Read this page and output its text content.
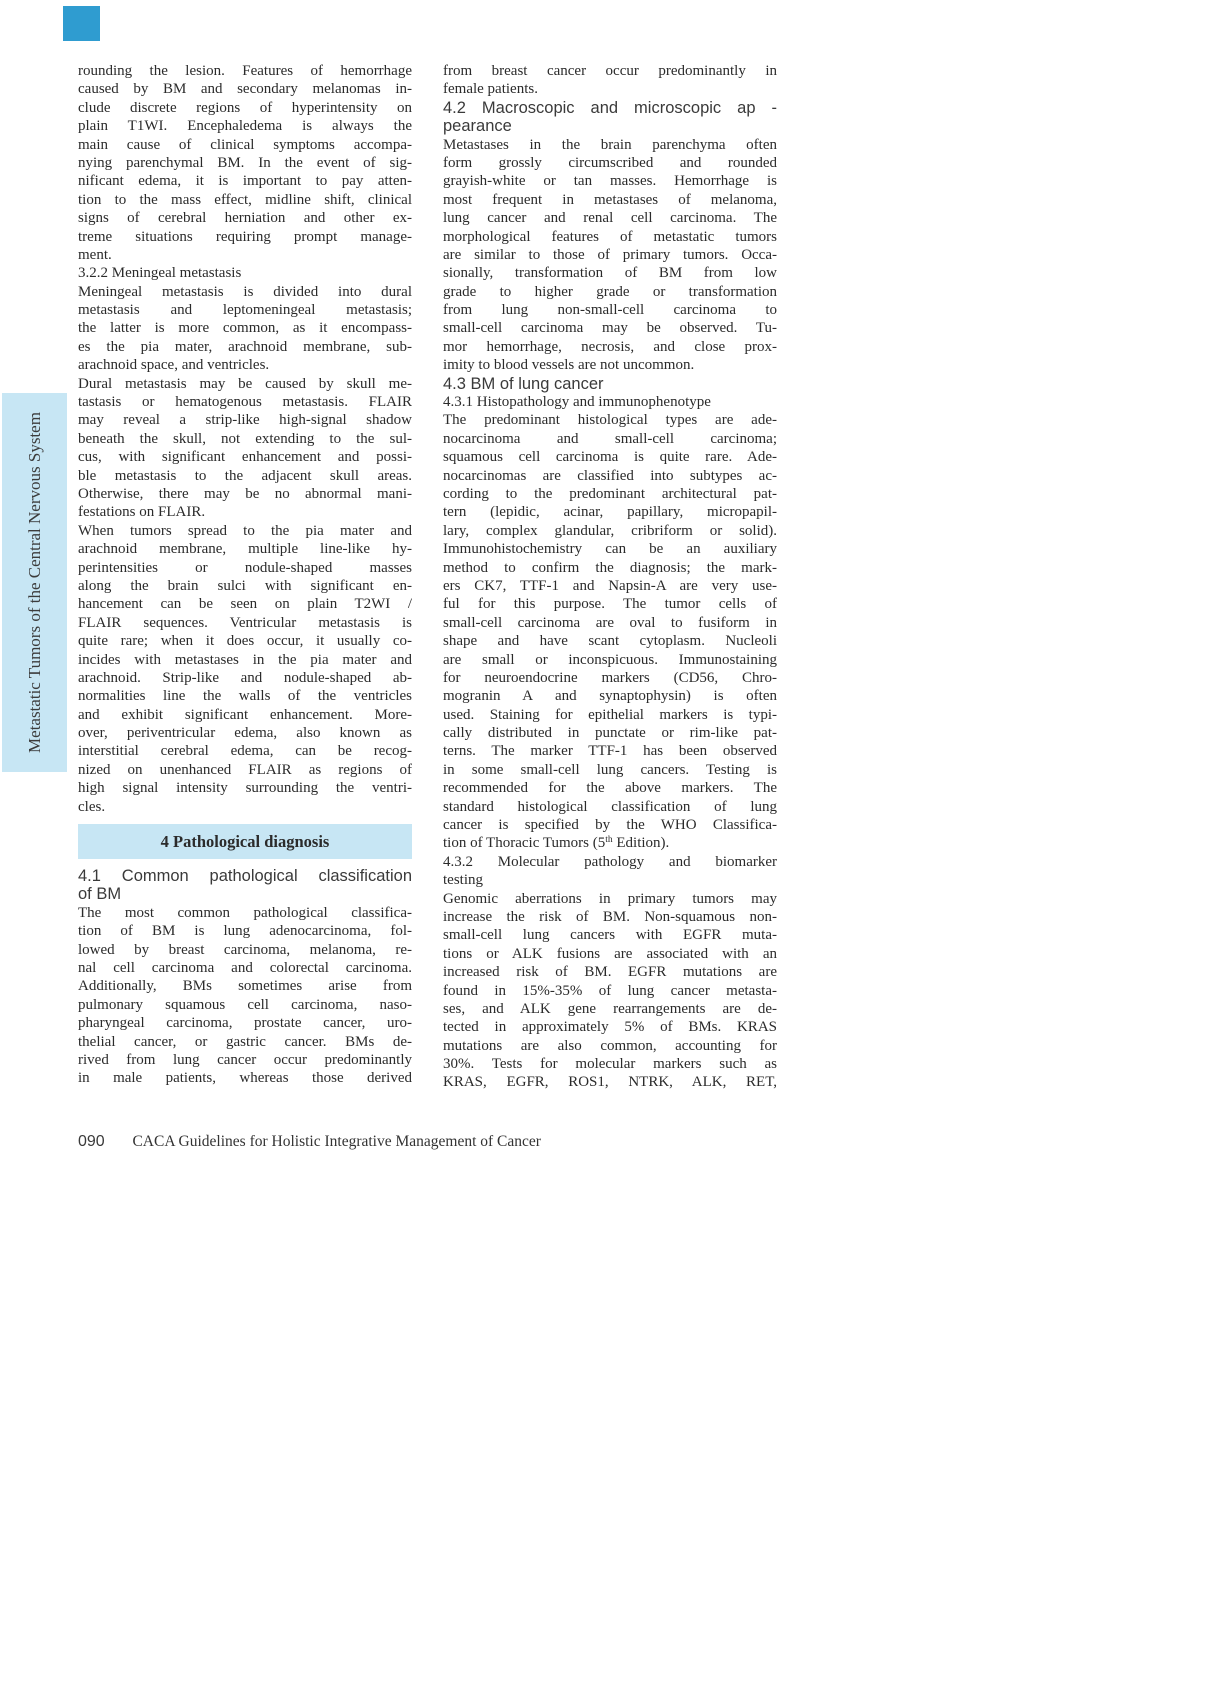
Metastatic Tumors of the Central Nervous System
rounding the lesion. Features of hemorrhage
caused by BM and secondary melanomas in-
clude discrete regions of hyperintensity on
plain T1WI. Encephaledema is always the
main cause of clinical symptoms accompa-
nying parenchymal BM. In the event of sig-
nificant edema, it is important to pay atten-
tion to the mass effect, midline shift, clinical
signs of cerebral herniation and other ex-
treme situations requiring prompt manage-
ment.
3.2.2 Meningeal metastasis
Meningeal metastasis is divided into dural
metastasis and leptomeningeal metastasis;
the latter is more common, as it encompass-
es the pia mater, arachnoid membrane, sub-
arachnoid space, and ventricles.
Dural metastasis may be caused by skull me-
tastasis or hematogenous metastasis. FLAIR
may reveal a strip-like high-signal shadow
beneath the skull, not extending to the sul-
cus, with significant enhancement and possi-
ble metastasis to the adjacent skull areas.
Otherwise, there may be no abnormal mani-
festations on FLAIR.
When tumors spread to the pia mater and
arachnoid membrane, multiple line-like hy-
perintensities or nodule-shaped masses
along the brain sulci with significant en-
hancement can be seen on plain T2WI /
FLAIR sequences. Ventricular metastasis is
quite rare; when it does occur, it usually co-
incides with metastases in the pia mater and
arachnoid. Strip-like and nodule-shaped ab-
normalities line the walls of the ventricles
and exhibit significant enhancement. More-
over, periventricular edema, also known as
interstitial cerebral edema, can be recog-
nized on unenhanced FLAIR as regions of
high signal intensity surrounding the ventri-
cles.
4 Pathological diagnosis
4.1 Common pathological classification
of BM
The most common pathological classifica-
tion of BM is lung adenocarcinoma, fol-
lowed by breast carcinoma, melanoma, re-
nal cell carcinoma and colorectal carcinoma.
Additionally, BMs sometimes arise from
pulmonary squamous cell carcinoma, naso-
pharyngeal carcinoma, prostate cancer, uro-
thelial cancer, or gastric cancer. BMs de-
rived from lung cancer occur predominantly
in male patients, whereas those derived
from breast cancer occur predominantly in
female patients.
4.2 Macroscopic and microscopic ap -
pearance
Metastases in the brain parenchyma often
form grossly circumscribed and rounded
grayish-white or tan masses. Hemorrhage is
most frequent in metastases of melanoma,
lung cancer and renal cell carcinoma. The
morphological features of metastatic tumors
are similar to those of primary tumors. Occa-
sionally, transformation of BM from low
grade to higher grade or transformation
from lung non-small-cell carcinoma to
small-cell carcinoma may be observed. Tu-
mor hemorrhage, necrosis, and close prox-
imity to blood vessels are not uncommon.
4.3 BM of lung cancer
4.3.1 Histopathology and immunophenotype
The predominant histological types are ade-
nocarcinoma and small-cell carcinoma;
squamous cell carcinoma is quite rare. Ade-
nocarcinomas are classified into subtypes ac-
cording to the predominant architectural pat-
tern (lepidic, acinar, papillary, micropapil-
lary, complex glandular, cribriform or solid).
Immunohistochemistry can be an auxiliary
method to confirm the diagnosis; the mark-
ers CK7, TTF-1 and Napsin-A are very use-
ful for this purpose. The tumor cells of
small-cell carcinoma are oval to fusiform in
shape and have scant cytoplasm. Nucleoli
are small or inconspicuous. Immunostaining
for neuroendocrine markers (CD56, Chro-
mogranin A and synaptophysin) is often
used. Staining for epithelial markers is typi-
cally distributed in punctate or rim-like pat-
terns. The marker TTF-1 has been observed
in some small-cell lung cancers. Testing is
recommended for the above markers. The
standard histological classification of lung
cancer is specified by the WHO Classifica-
tion of Thoracic Tumors (5th Edition).
4.3.2 Molecular pathology and biomarker
testing
Genomic aberrations in primary tumors may
increase the risk of BM. Non-squamous non-
small-cell lung cancers with EGFR muta-
tions or ALK fusions are associated with an
increased risk of BM. EGFR mutations are
found in 15%-35% of lung cancer metasta-
ses, and ALK gene rearrangements are de-
tected in approximately 5% of BMs. KRAS
mutations are also common, accounting for
30%. Tests for molecular markers such as
KRAS, EGFR, ROS1, NTRK, ALK, RET,
090 CACA Guidelines for Holistic Integrative Management of Cancer
